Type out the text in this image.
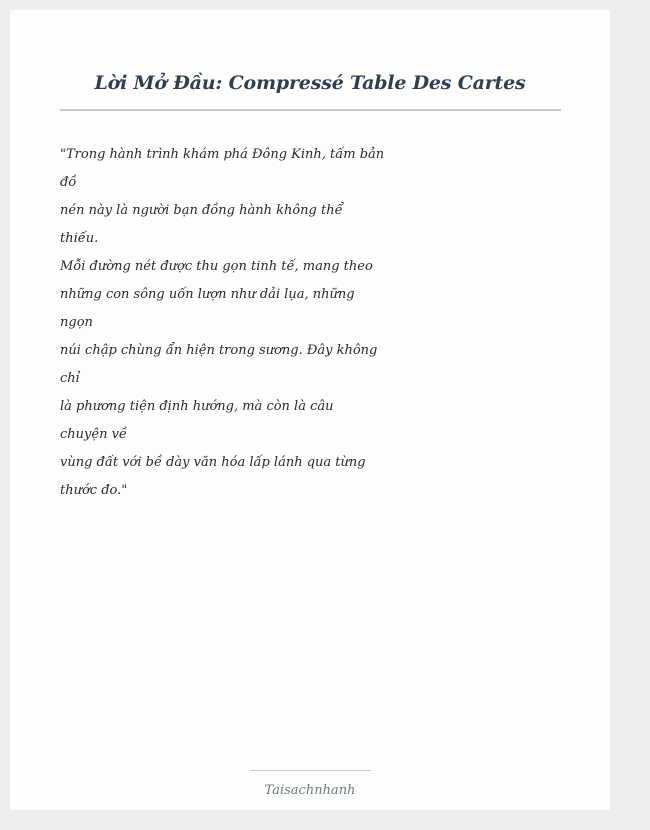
Lời Mở Đầu: Compressé Table Des Cartes
"Trong hành trình khám phá Đông Kinh, tấm bản
đồ
nén này là người bạn đồng hành không thể
thiếu.
Mỗi đường nét được thu gọn tinh tế, mang theo
những con sông uốn lượn như dải lụa, những
ngọn
núi chập chùng ẩn hiện trong sương. Đây không
chỉ
là phương tiện định hướng, mà còn là câu
chuyện về
vùng đất với bề dày văn hóa lấp lánh qua từng
thước đo."
Taisachnhanh
